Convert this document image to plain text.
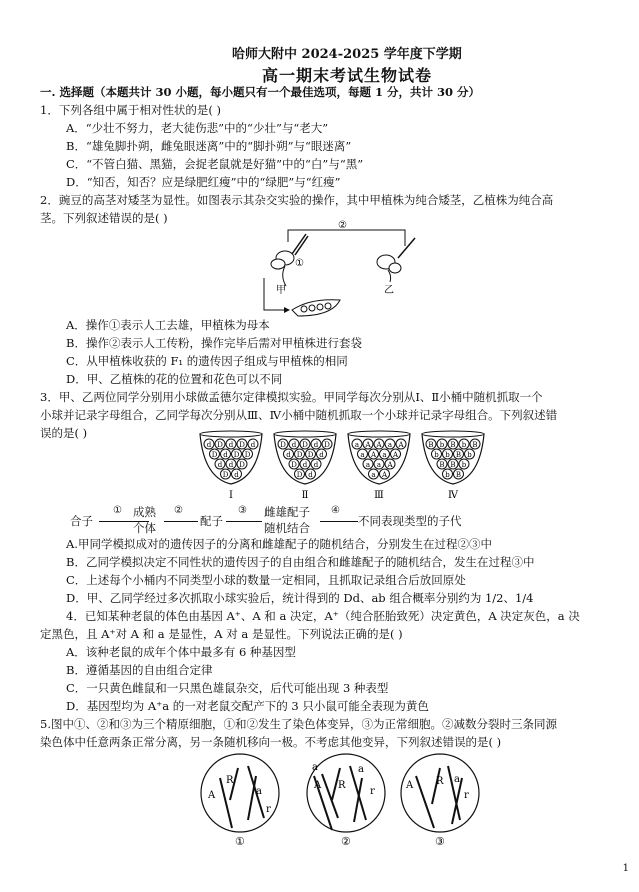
哈师大附中 2024-2025 学年度下学期
高一期末考试生物试卷
一. 选择题（本题共计 30 小题，每小题只有一个最佳选项，每题 1 分，共计 30 分）
1．下列各组中属于相对性状的是( )
A．“少壮不努力，老大徒伤悲”中的“少壮”与“老大”
B．“雄兔脚扑朔，雌兔眼迷离”中的“脚扑朔”与“眼迷离”
C．“不管白猫、黑猫，会捉老鼠就是好猫”中的“白”与“黑”
D．“知否，知否？应是绿肥红瘦”中的“绿肥”与“红瘦”
2．豌豆的高茎对矮茎为显性。如图表示其杂交实验的操作，其中甲植株为纯合矮茎，乙植株为纯合高
茎。下列叙述错误的是( )
②
①
甲	乙
A．操作①表示人工去雄，甲植株为母本
B．操作②表示人工传粉，操作完毕后需对甲植株进行套袋
C．从甲植株收获的 F₁ 的遗传因子组成与甲植株的相同
D．甲、乙植株的花的位置和花色可以不同
3．甲、乙两位同学分别用小球做孟德尔定律模拟实验。甲同学每次分别从Ⅰ、Ⅱ小桶中随机抓取一个
小球并记录字母组合，乙同学每次分别从Ⅲ、Ⅳ小桶中随机抓取一个小球并记录字母组合。下列叙述错
误的是( )
d D d D d
D d D D
d d D
D d
Ⅰ
D d D d D
d D D d
D d d
D d
Ⅱ
a A A a A
a A a A
a a A
a A
Ⅲ
B b B b B
b b B b
B B b
b B
Ⅳ
合子
① 成熟
个体
②
配子
③ 雌雄配子
随机结合
④
不同表现类型的子代
A.甲同学模拟成对的遗传因子的分离和雌雄配子的随机结合，分别发生在过程②③中
B．乙同学模拟决定不同性状的遗传因子的自由组合和雌雄配子的随机结合，发生在过程③中
C．上述每个小桶内不同类型小球的数量一定相同，且抓取记录组合后放回原处
D．甲、乙同学经过多次抓取小球实验后，统计得到的 Dd、ab 组合概率分别约为 1/2、1/4
4．已知某种老鼠的体色由基因 A⁺、A 和 a 决定，A⁺（纯合胚胎致死）决定黄色，A 决定灰色，a 决
定黑色，且 A⁺对 A 和 a 是显性，A 对 a 是显性。下列说法正确的是( )
A．该种老鼠的成年个体中最多有 6 种基因型
B．遵循基因的自由组合定律
C．一只黄色雌鼠和一只黑色雄鼠杂交，后代可能出现 3 种表型
D．基因型均为 A⁺a 的一对老鼠交配产下的 3 只小鼠可能全表现为黄色
5.图中①、②和③为三个精原细胞，①和②发生了染色体变异，③为正常细胞。②减数分裂时三条同源
染色体中任意两条正常分离，另一条随机移向一极。不考虑其他变异，下列叙述错误的是( )
A
R
a
r
a
A R
a
r
A R a
r
①	②	③
1
